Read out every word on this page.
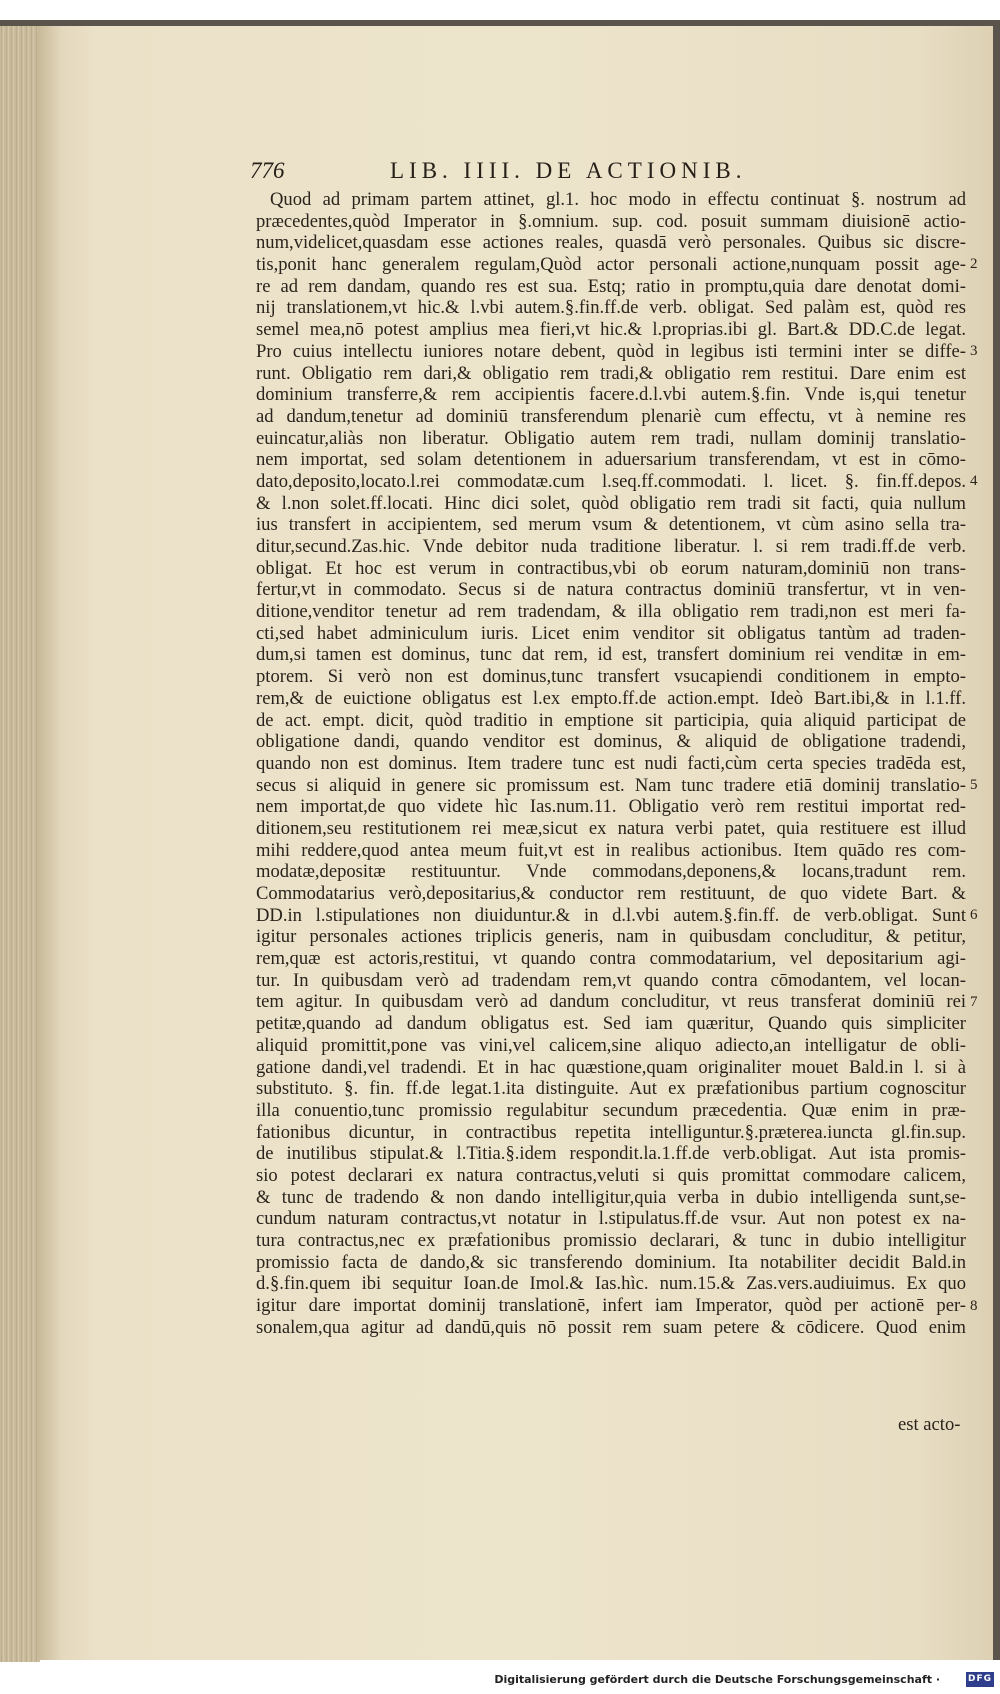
776	LIB. IIII. DE ACTIONIB.
Quod ad primam partem attinet, gl.1. hoc modo in effectu continuat §. nostrum ad
præcedentes,quòd Imperator in §.omnium. sup. cod. posuit summam diuisionē actio-
num,videlicet,quasdam esse actiones reales, quasdā verò personales. Quibus sic discre-
tis,ponit hanc generalem regulam,Quòd actor personali actione,nunquam possit age-
re ad rem dandam, quando res est sua. Estq; ratio in promptu,quia dare denotat domi-
nij translationem,vt hic.& l.vbi autem.§.fin.ff.de verb. obligat. Sed palàm est, quòd res
semel mea,nō potest amplius mea fieri,vt hic.& l.proprias.ibi gl. Bart.& DD.C.de legat.
Pro cuius intellectu iuniores notare debent, quòd in legibus isti termini inter se diffe-
runt. Obligatio rem dari,& obligatio rem tradi,& obligatio rem restitui. Dare enim est
dominium transferre,& rem accipientis facere.d.l.vbi autem.§.fin. Vnde is,qui tenetur
ad dandum,tenetur ad dominiū transferendum plenariè cum effectu, vt à nemine res
euincatur,aliàs non liberatur. Obligatio autem rem tradi, nullam dominij translatio-
nem importat, sed solam detentionem in aduersarium transferendam, vt est in cōmo-
dato,deposito,locato.l.rei commodatæ.cum l.seq.ff.commodati. l. licet. §. fin.ff.depos.
& l.non solet.ff.locati. Hinc dici solet, quòd obligatio rem tradi sit facti, quia nullum
ius transfert in accipientem, sed merum vsum & detentionem, vt cùm asino sella tra-
ditur,secund.Zas.hic. Vnde debitor nuda traditione liberatur. l. si rem tradi.ff.de verb.
obligat. Et hoc est verum in contractibus,vbi ob eorum naturam,dominiū non trans-
fertur,vt in commodato. Secus si de natura contractus dominiū transfertur, vt in ven-
ditione,venditor tenetur ad rem tradendam, & illa obligatio rem tradi,non est meri fa-
cti,sed habet adminiculum iuris. Licet enim venditor sit obligatus tantùm ad traden-
dum,si tamen est dominus, tunc dat rem, id est, transfert dominium rei venditæ in em-
ptorem. Si verò non est dominus,tunc transfert vsucapiendi conditionem in empto-
rem,& de euictione obligatus est l.ex empto.ff.de action.empt. Ideò Bart.ibi,& in l.1.ff.
de act. empt. dicit, quòd traditio in emptione sit participia, quia aliquid participat de
obligatione dandi, quando venditor est dominus, & aliquid de obligatione tradendi,
quando non est dominus. Item tradere tunc est nudi facti,cùm certa species tradēda est,
secus si aliquid in genere sic promissum est. Nam tunc tradere etiā dominij translatio-
nem importat,de quo videte hìc Ias.num.11. Obligatio verò rem restitui importat red-
ditionem,seu restitutionem rei meæ,sicut ex natura verbi patet, quia restituere est illud
mihi reddere,quod antea meum fuit,vt est in realibus actionibus. Item quādo res com-
modatæ,depositæ restituuntur. Vnde commodans,deponens,& locans,tradunt rem.
Commodatarius verò,depositarius,& conductor rem restituunt, de quo videte Bart. &
DD.in l.stipulationes non diuiduntur.& in d.l.vbi autem.§.fin.ff. de verb.obligat. Sunt
igitur personales actiones triplicis generis, nam in quibusdam concluditur, & petitur,
rem,quæ est actoris,restitui, vt quando contra commodatarium, vel depositarium agi-
tur. In quibusdam verò ad tradendam rem,vt quando contra cōmodantem, vel locan-
tem agitur. In quibusdam verò ad dandum concluditur, vt reus transferat dominiū rei
petitæ,quando ad dandum obligatus est. Sed iam quæritur, Quando quis simpliciter
aliquid promittit,pone vas vini,vel calicem,sine aliquo adiecto,an intelligatur de obli-
gatione dandi,vel tradendi. Et in hac quæstione,quam originaliter mouet Bald.in l. si à
substituto. §. fin. ff.de legat.1.ita distinguite. Aut ex præfationibus partium cognoscitur
illa conuentio,tunc promissio regulabitur secundum præcedentia. Quæ enim in præ-
fationibus dicuntur, in contractibus repetita intelliguntur.§.præterea.iuncta gl.fin.sup.
de inutilibus stipulat.& l.Titia.§.idem respondit.la.1.ff.de verb.obligat. Aut ista promis-
sio potest declarari ex natura contractus,veluti si quis promittat commodare calicem,
& tunc de tradendo & non dando intelligitur,quia verba in dubio intelligenda sunt,se-
cundum naturam contractus,vt notatur in l.stipulatus.ff.de vsur. Aut non potest ex na-
tura contractus,nec ex præfationibus promissio declarari, & tunc in dubio intelligitur
promissio facta de dando,& sic transferendo dominium. Ita notabiliter decidit Bald.in
d.§.fin.quem ibi sequitur Ioan.de Imol.& Ias.hìc. num.15.& Zas.vers.audiuimus. Ex quo
igitur dare importat dominij translationē, infert iam Imperator, quòd per actionē per-
sonalem,qua agitur ad dandū,quis nō possit rem suam petere & cōdicere. Quod enim
2
3
4
5
6
7
8
est acto-
Digitalisierung gefördert durch die Deutsche Forschungsgemeinschaft ·	DFG
